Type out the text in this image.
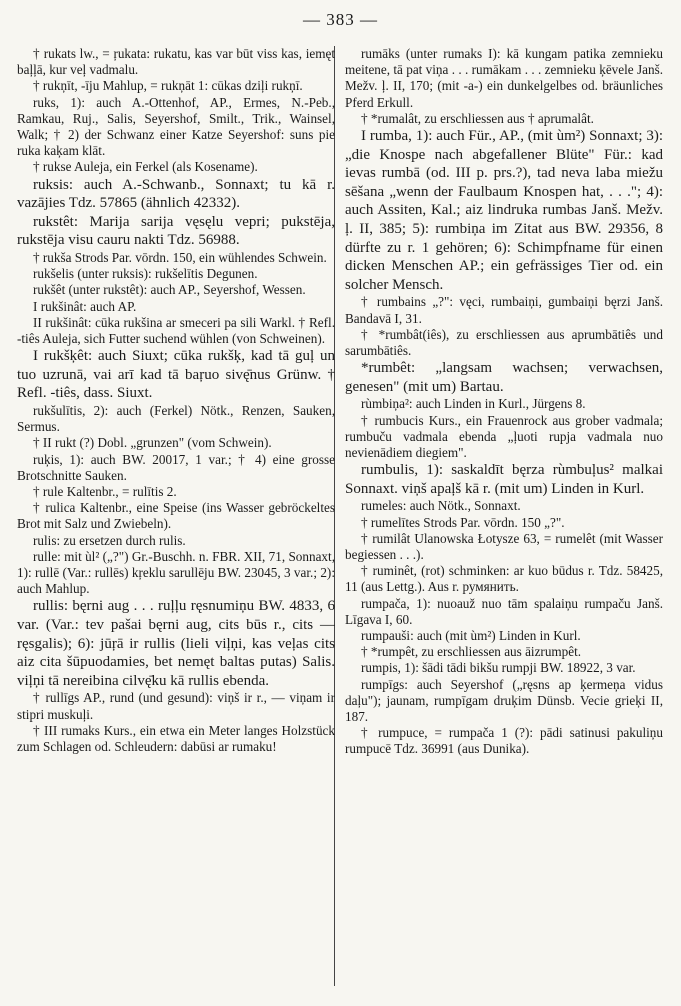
— 383 —

† rukats lw., = ŗukata: rukatu, kas var būt viss kas, iemęt baļļā, kur veļ vadmalu.

† rukņīt, -īju Mahlup, = rukņāt 1: cūkas dziļi rukņī.

ruks, 1): auch A.-Ottenhof, AP., Ermes, N.-Peb., Ramkau, Ruj., Salis, Seyershof, Smilt., Trik., Wainsel, Walk; † 2) der Schwanz einer Katze Seyershof: suns pie ruka kaķam klāt.

† rukse Auleja, ein Ferkel (als Kosename).

ruksis: auch A.-Schwanb., Sonnaxt; tu kā r. vazājies Tdz. 57865 (ähnlich 42332).

rukstêt: Marija sarija vęsęlu vepri; pukstēja, rukstēja visu cauru nakti Tdz. 56988.

† rukša Strods Par. vōrdn. 150, ein wühlendes Schwein.

rukšelis (unter ruksis): rukšelītis Degunen.

rukšêt (unter rukstêt): auch AP., Seyershof, Wessen.

I rukšinât: auch AP.

II rukšinât: cūka rukšina ar smeceri pa sili Warkl. † Refl. -tiês Auleja, sich Futter suchend wühlen (von Schweinen).

I rukšķêt: auch Siuxt; cūka rukšķ, kad tā guļ un tuo uzrunā, vai arī kad tā baŗuo sivę̄nus Grünw. † Refl. -tiês, dass. Siuxt.

rukšulītis, 2): auch (Ferkel) Nötk., Renzen, Sauken, Sermus.

† II rukt (?) Dobl. „grunzen" (vom Schwein).

ruķis, 1): auch BW. 20017, 1 var.; † 4) eine grosse Brotschnitte Sauken.

† rule Kaltenbr., = rulītis 2.

† rulica Kaltenbr., eine Speise (ins Wasser gebröckeltes Brot mit Salz und Zwiebeln).

rulis: zu ersetzen durch rulis.

rulle: mit ùl² („?") Gr.-Buschh. n. FBR. XII, 71, Sonnaxt, 1): rullē (Var.: rullēs) kŗeklu sarullēju BW. 23045, 3 var.; 2): auch Mahlup.

rullis: bęrni aug . . . ruļļu ręsnumiņu BW. 4833, 6 var. (Var.: tev pašai bęrni aug, cits būs r., cits — ręsgalis); 6): jūŗā ir rullis (lieli viļņi, kas veļas cits aiz cita šūpuodamies, bet nemęt baltas putas) Salis. viļņi tā nereibina cilvę̄ku kā rullis ebenda.

† rullīgs AP., rund (und gesund): viņš ir r., — viņam ir stipri muskuļi.

† III rumaks Kurs., ein etwa ein Meter langes Holzstück zum Schlagen od. Schleudern: dabūsi ar rumaku!

rumāks (unter rumaks I): kā kungam patika zemnieku meitene, tā pat viņa . . . rumākam . . . zemnieku ķēvele Janš. Mežv. ļ. II, 170; (mit -a-) ein dunkelgelbes od. bräunliches Pferd Erkull.

† *rumalât, zu erschliessen aus † aprumalât.

I rumba, 1): auch Für., AP., (mit ùm²) Sonnaxt; 3): „die Knospe nach abgefallener Blüte" Für.: kad ievas rumbā (od. III p. prs.?), tad neva laba miežu sēšana „wenn der Faulbaum Knospen hat, . . ."; 4): auch Assiten, Kal.; aiz lindruka rumbas Janš. Mežv. ļ. II, 385; 5): rumbiņa im Zitat aus BW. 29356, 8 dürfte zu r. 1 gehören; 6): Schimpfname für einen dicken Menschen AP.; ein gefrässiges Tier od. ein solcher Mensch.

† rumbains „?": vęci, rumbaiņi, gumbaiņi bęrzi Janš. Bandavā I, 31.

† *rumbât(iês), zu erschliessen aus aprumbātiês und sarumbātiês.

*rumbêt: „langsam wachsen; verwachsen, genesen" (mit um) Bartau.

rùmbiņa²: auch Linden in Kurl., Jürgens 8.

† rumbucis Kurs., ein Frauenrock aus grober vadmala; rumbuču vadmala ebenda „ļuoti rupja vadmala nuo nevienādiem diegiem".

rumbulis, 1): saskaldīt bęrza rùmbuļus² malkai Sonnaxt. viņš apaļš kā r. (mit um) Linden in Kurl.

rumeles: auch Nötk., Sonnaxt.

† rumelītes Strods Par. vōrdn. 150 „?".

† rumilât Ulanowska Łotysze 63, = rumelêt (mit Wasser begiessen . . .).

† ruminêt, (rot) schminken: ar kuo būdus r. Tdz. 58425, 11 (aus Lettg.). Aus r. румянить.

rumpača, 1): nuoauž nuo tām spalaiņu rumpaču Janš. Līgava I, 60.

rumpauši: auch (mit ùm²) Linden in Kurl.

† *rumpêt, zu erschliessen aus āizrumpêt.

rumpis, 1): šādi tādi bikšu rumpji BW. 18922, 3 var.

rumpīgs: auch Seyershof („ręsns ap ķermeņa vidus daļu"); jaunam, rumpīgam druķim Dünsb. Vecie grieķi II, 187.

† rumpuce, = rumpača 1 (?): pādi satinusi pakuliņu rumpucē Tdz. 36991 (aus Dunika).
